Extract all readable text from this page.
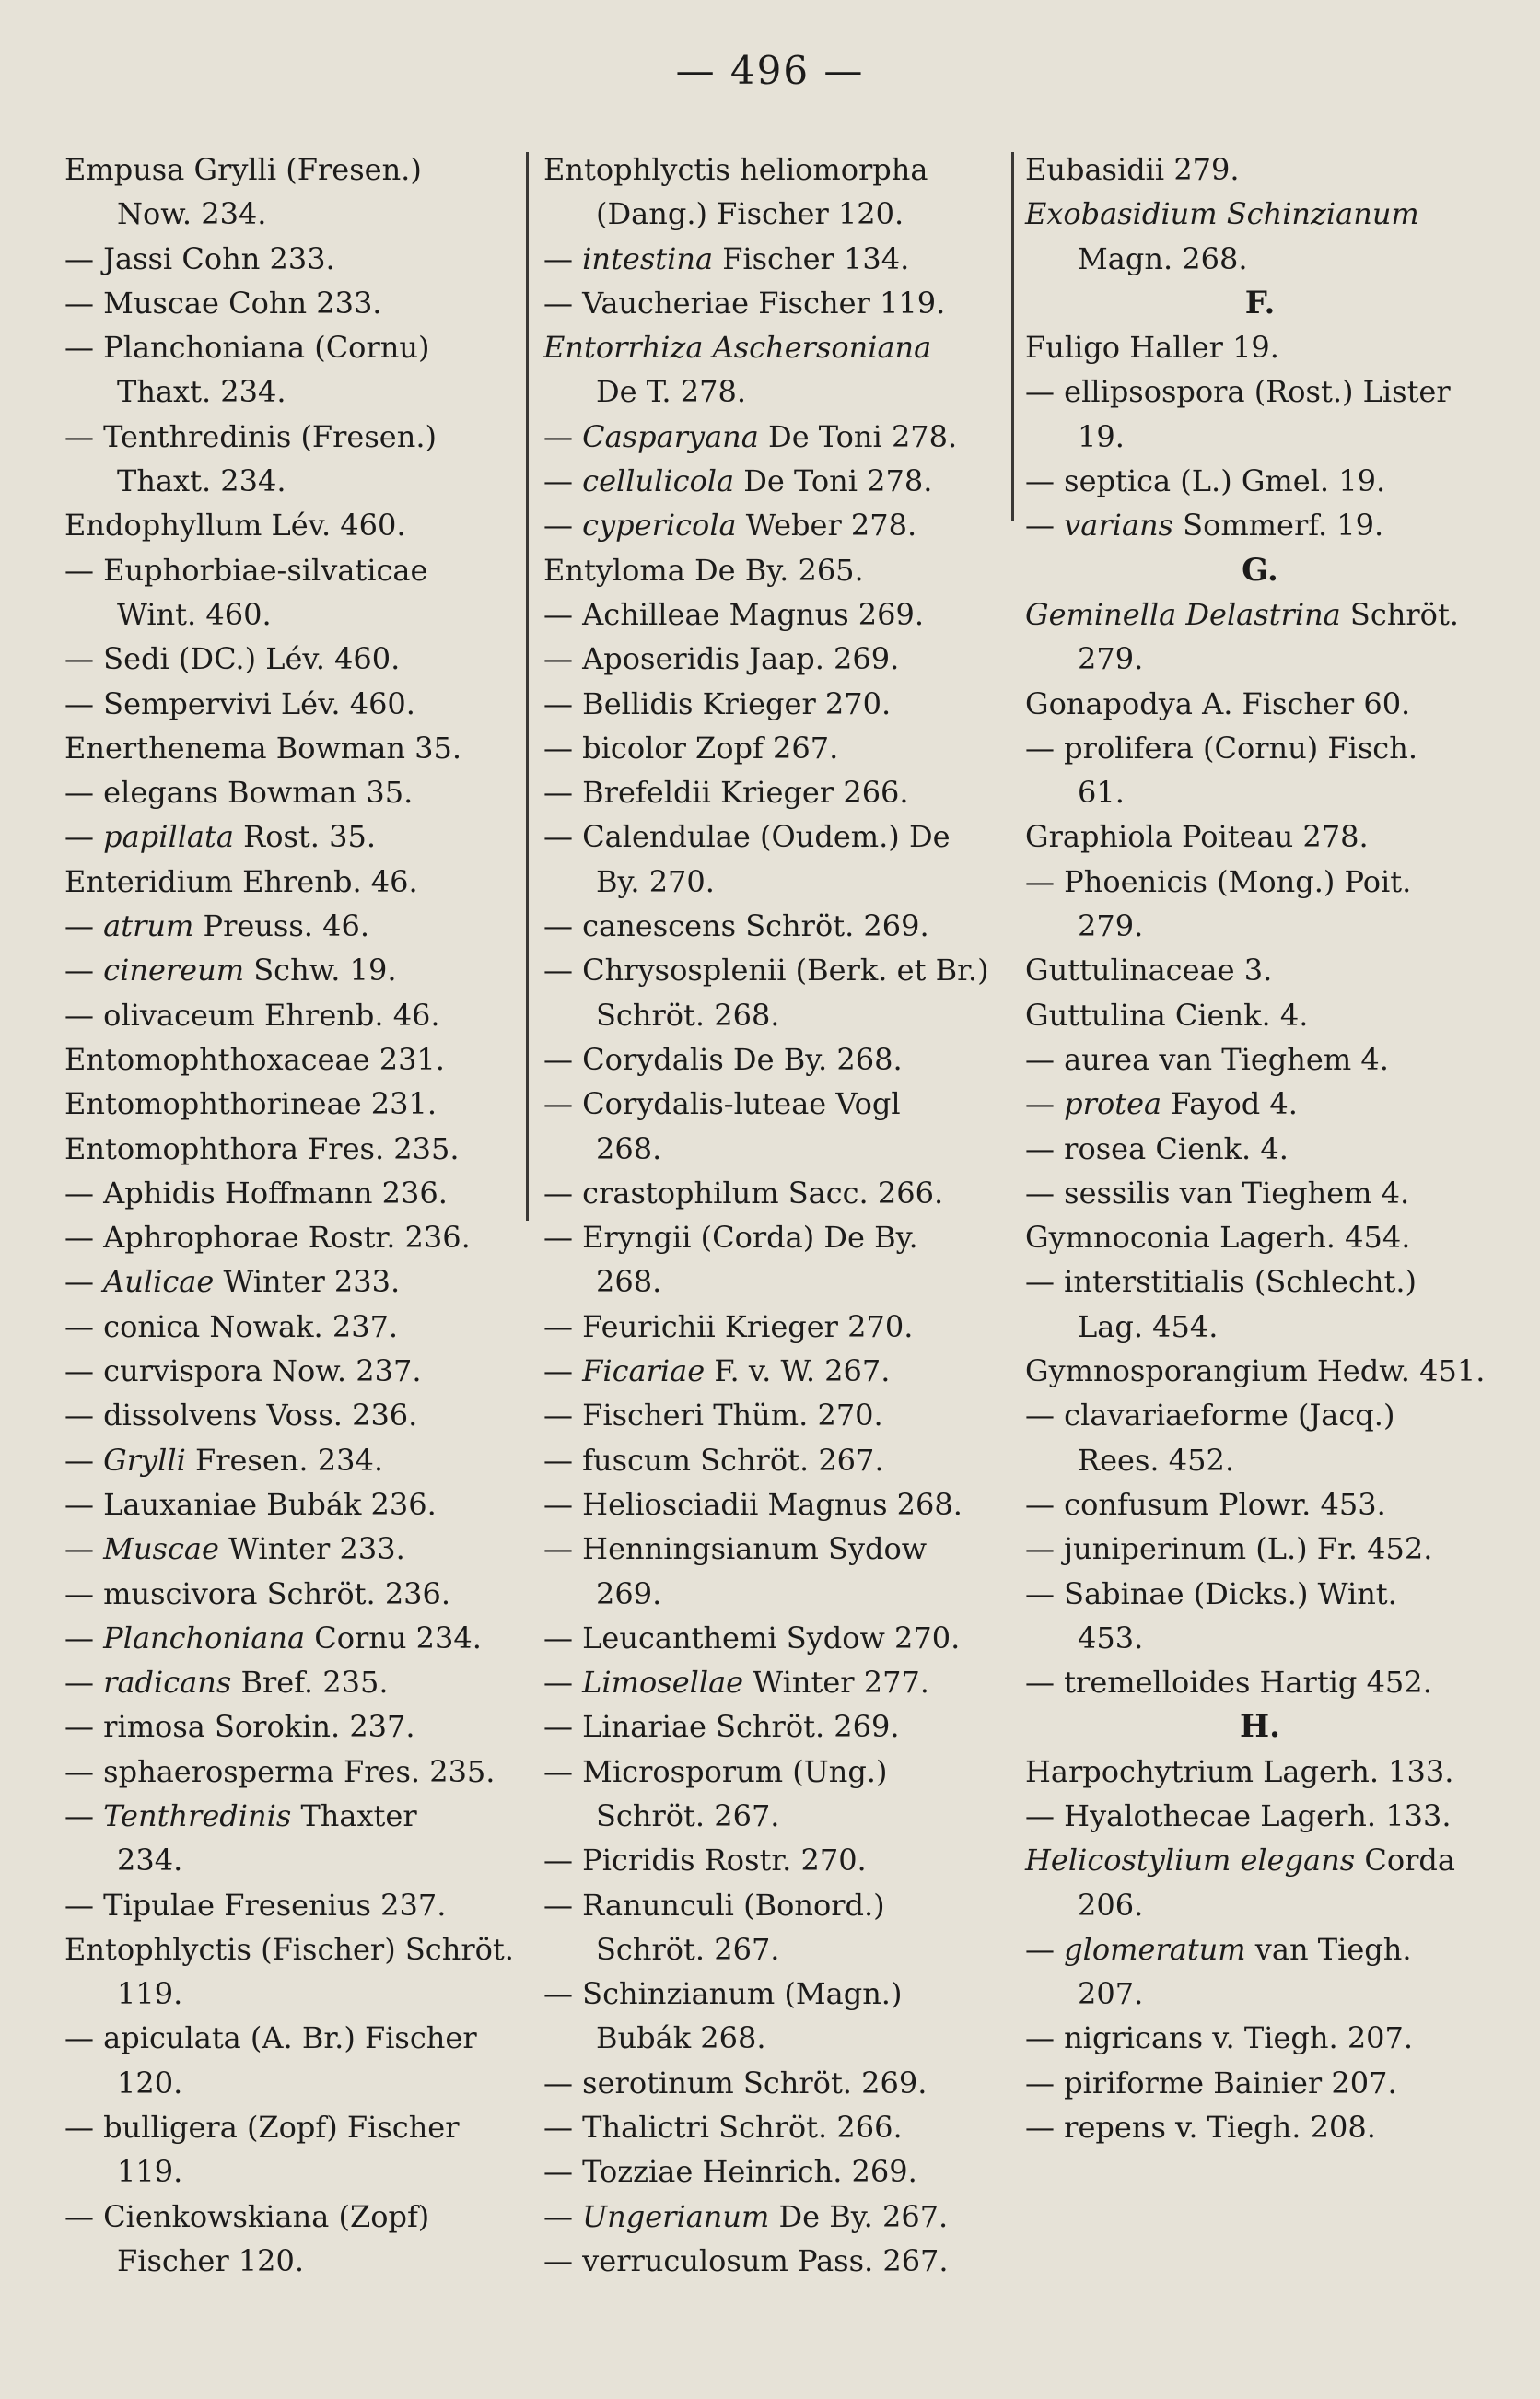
— 496 —
Empusa Grylli (Fresen.)
Now. 234.
— Jassi Cohn 233.
— Muscae Cohn 233.
— Planchoniana (Cornu)
Thaxt. 234.
— Tenthredinis (Fresen.)
Thaxt. 234.
Endophyllum Lév. 460.
— Euphorbiae-silvaticae
Wint. 460.
— Sedi (DC.) Lév. 460.
— Sempervivi Lév. 460.
Enerthenema Bowman 35.
— elegans Bowman 35.
— papillata Rost. 35.
Enteridium Ehrenb. 46.
— atrum Preuss. 46.
— cinereum Schw. 19.
— olivaceum Ehrenb. 46.
Entomophthoxaceae 231.
Entomophthorineae 231.
Entomophthora Fres. 235.
— Aphidis Hoffmann 236.
— Aphrophorae Rostr. 236.
— Aulicae Winter 233.
— conica Nowak. 237.
— curvispora Now. 237.
— dissolvens Voss. 236.
— Grylli Fresen. 234.
— Lauxaniae Bubák 236.
— Muscae Winter 233.
— muscivora Schröt. 236.
— Planchoniana Cornu 234.
— radicans Bref. 235.
— rimosa Sorokin. 237.
— sphaerosperma Fres. 235.
— Tenthredinis Thaxter
234.
— Tipulae Fresenius 237.
Entophlyctis (Fischer) Schröt.
119.
— apiculata (A. Br.) Fischer
120.
— bulligera (Zopf) Fischer
119.
— Cienkowskiana (Zopf)
Fischer 120.
Entophlyctis heliomorpha
(Dang.) Fischer 120.
— intestina Fischer 134.
— Vaucheriae Fischer 119.
Entorrhiza Aschersoniana
De T. 278.
— Casparyana De Toni 278.
— cellulicola De Toni 278.
— cypericola Weber 278.
Entyloma De By. 265.
— Achilleae Magnus 269.
— Aposeridis Jaap. 269.
— Bellidis Krieger 270.
— bicolor Zopf 267.
— Brefeldii Krieger 266.
— Calendulae (Oudem.) De
By. 270.
— canescens Schröt. 269.
— Chrysosplenii (Berk. et Br.)
Schröt. 268.
— Corydalis De By. 268.
— Corydalis-luteae Vogl
268.
— crastophilum Sacc. 266.
— Eryngii (Corda) De By.
268.
— Feurichii Krieger 270.
— Ficariae F. v. W. 267.
— Fischeri Thüm. 270.
— fuscum Schröt. 267.
— Heliosciadii Magnus 268.
— Henningsianum Sydow
269.
— Leucanthemi Sydow 270.
— Limosellae Winter 277.
— Linariae Schröt. 269.
— Microsporum (Ung.)
Schröt. 267.
— Picridis Rostr. 270.
— Ranunculi (Bonord.)
Schröt. 267.
— Schinzianum (Magn.)
Bubák 268.
— serotinum Schröt. 269.
— Thalictri Schröt. 266.
— Tozziae Heinrich. 269.
— Ungerianum De By. 267.
— verruculosum Pass. 267.
Eubasidii 279.
Exobasidium Schinzianum
Magn. 268.
F.
Fuligo Haller 19.
— ellipsospora (Rost.) Lister
19.
— septica (L.) Gmel. 19.
— varians Sommerf. 19.
G.
Geminella Delastrina Schröt.
279.
Gonapodya A. Fischer 60.
— prolifera (Cornu) Fisch.
61.
Graphiola Poiteau 278.
— Phoenicis (Mong.) Poit.
279.
Guttulinaceae 3.
Guttulina Cienk. 4.
— aurea van Tieghem 4.
— protea Fayod 4.
— rosea Cienk. 4.
— sessilis van Tieghem 4.
Gymnoconia Lagerh. 454.
— interstitialis (Schlecht.)
Lag. 454.
Gymnosporangium Hedw. 451.
— clavariaeforme (Jacq.)
Rees. 452.
— confusum Plowr. 453.
— juniperinum (L.) Fr. 452.
— Sabinae (Dicks.) Wint.
453.
— tremelloides Hartig 452.
H.
Harpochytrium Lagerh. 133.
— Hyalothecae Lagerh. 133.
Helicostylium elegans Corda
206.
— glomeratum van Tiegh.
207.
— nigricans v. Tiegh. 207.
— piriforme Bainier 207.
— repens v. Tiegh. 208.
